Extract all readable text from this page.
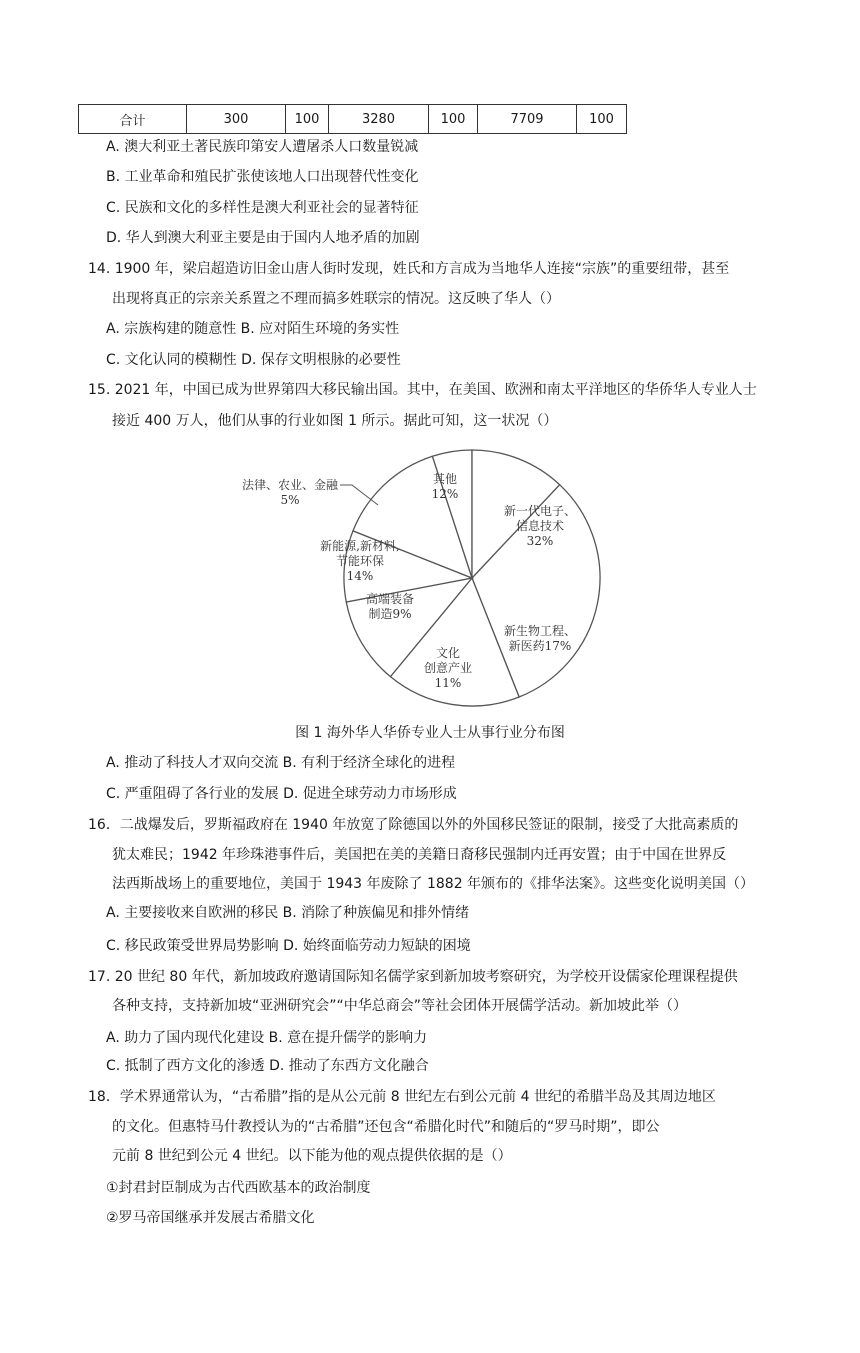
合计	300	100	3280	100	7709	100
A. 澳大利亚土著民族印第安人遭屠杀人口数量锐减
B. 工业革命和殖民扩张使该地人口出现替代性变化
C. 民族和文化的多样性是澳大利亚社会的显著特征
D. 华人到澳大利亚主要是由于国内人地矛盾的加剧
14. 1900 年，梁启超造访旧金山唐人街时发现，姓氏和方言成为当地华人连接“宗族”的重要纽带，甚至
出现将真正的宗亲关系置之不理而搞多姓联宗的情况。这反映了华人（）
A. 宗族构建的随意性 B. 应对陌生环境的务实性
C. 文化认同的模糊性 D. 保存文明根脉的必要性
15. 2021 年，中国已成为世界第四大移民输出国。其中，在美国、欧洲和南太平洋地区的华侨华人专业人士
接近 400 万人，他们从事的行业如图 1 所示。据此可知，这一状况（）
新一代电子、
信息技术
32%
新生物工程、
新医药17%
文化
创意产业
11%
高端装备
制造9%
新能源,新材料,
节能环保
14%
法律、农业、金融
5%
其他
12%
图 1 海外华人华侨专业人士从事行业分布图
A. 推动了科技人才双向交流 B. 有利于经济全球化的进程
C. 严重阻碍了各行业的发展 D. 促进全球劳动力市场形成
16．二战爆发后，罗斯福政府在 1940 年放宽了除德国以外的外国移民签证的限制，接受了大批高素质的
犹太难民；1942 年珍珠港事件后，美国把在美的美籍日裔移民强制内迁再安置；由于中国在世界反
法西斯战场上的重要地位，美国于 1943 年废除了 1882 年颁布的《排华法案》。这些变化说明美国（）
A. 主要接收来自欧洲的移民 B. 消除了种族偏见和排外情绪
C. 移民政策受世界局势影响 D. 始终面临劳动力短缺的困境
17. 20 世纪 80 年代，新加坡政府邀请国际知名儒学家到新加坡考察研究，为学校开设儒家伦理课程提供
各种支持，支持新加坡“亚洲研究会”“中华总商会”等社会团体开展儒学活动。新加坡此举（）
A. 助力了国内现代化建设 B. 意在提升儒学的影响力
C. 抵制了西方文化的渗透 D. 推动了东西方文化融合
18．学术界通常认为，“古希腊”指的是从公元前 8 世纪左右到公元前 4 世纪的希腊半岛及其周边地区
的文化。但惠特马什教授认为的“古希腊”还包含“希腊化时代”和随后的“罗马时期”，即公
元前 8 世纪到公元 4 世纪。以下能为他的观点提供依据的是（）
①封君封臣制成为古代西欧基本的政治制度
②罗马帝国继承并发展古希腊文化
